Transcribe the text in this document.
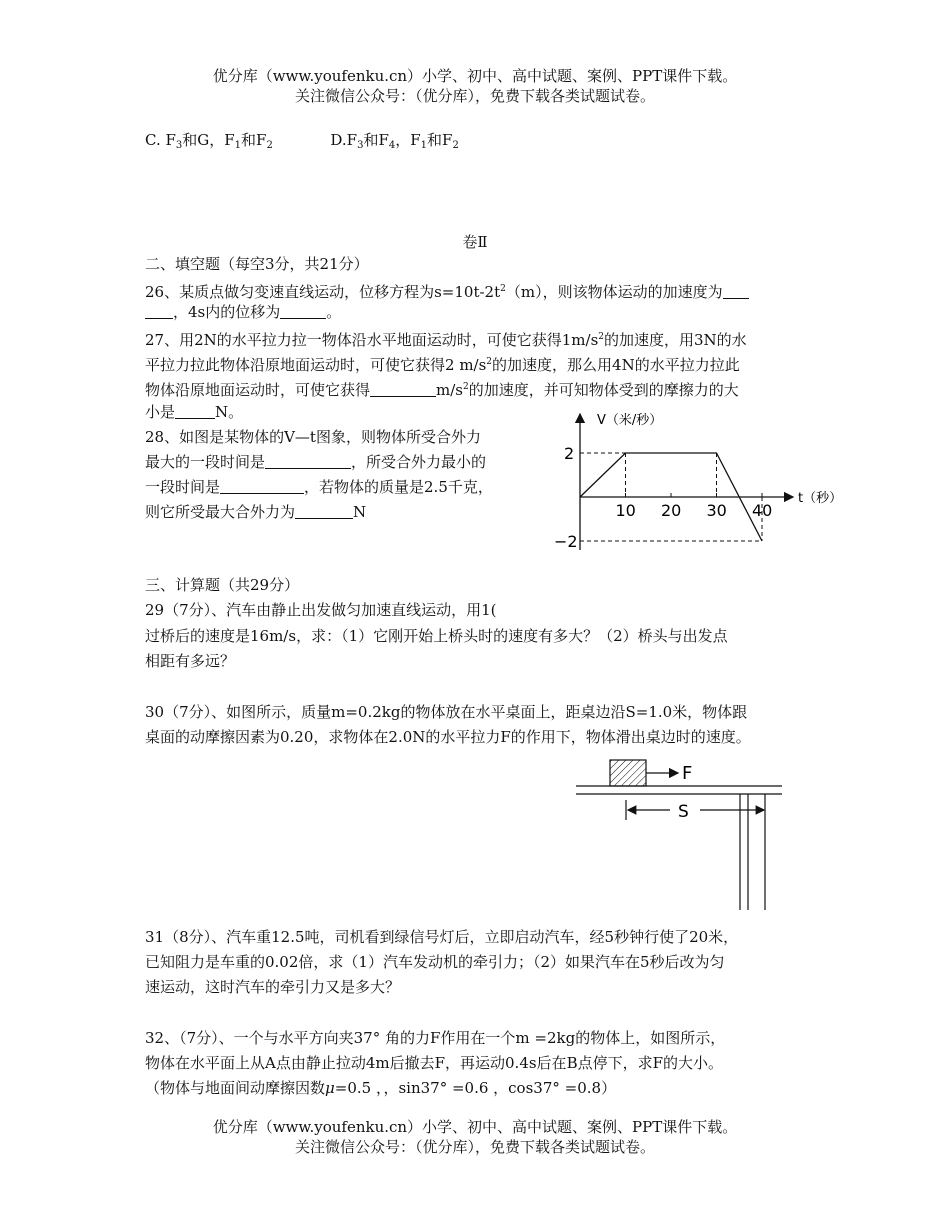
优分库（www.youfenku.cn）小学、初中、高中试题、案例、PPT课件下载。
关注微信公众号：（优分库），免费下载各类试题试卷。
C. $F_3$和G，$F_1$和$F_2$	$D.F_3$和$F_4$，$F_1$和$F_2$
卷Ⅱ
二、填空题（每空3分，共21分）
26、某质点做匀变速直线运动，位移方程为$s=10t-2t^2(m)$，则该物体运动的加速度为
，4s内的位移为	。
27、用2N的水平拉力拉一物体沿水平地面运动时，可使它获得$1m/s^2$的加速度，用3N的水
平拉力拉此物体沿原地面运动时，可使它获得2 $m/s^2$的加速度，那么用4N的水平拉力拉此
物体沿原地面运动时，可使它获得	$m/s^2$的加速度，并可知物体受到的摩擦力的大
小是	N。
28、如图是某物体的V—t图象，则物体所受合外力
最大的一段时间是	，所受合外力最小的
一段时间是	，若物体的质量是2.5千克，
则它所受最大合外力为	N
V（米/秒）
t（秒）
10 20 30 40
2
−2
三、计算题（共29分）
29（7分）、汽车由静止出发做匀加速直线运动，用1(
过桥后的速度是16m/s，求：（1）它刚开始上桥头时的速度有多大？（2）桥头与出发点
相距有多远？
30（7分）、如图所示，质量m=0.2kg的物体放在水平桌面上，距桌边沿S=1.0米，物体跟
桌面的动摩擦因素为0.20，求物体在2.0N的水平拉力F的作用下，物体滑出桌边时的速度。
F
S
31（8分）、汽车重12.5吨，司机看到绿信号灯后，立即启动汽车，经5秒钟行使了20米，
已知阻力是车重的0.02倍，求（1）汽车发动机的牵引力；（2）如果汽车在5秒后改为匀
速运动，这时汽车的牵引力又是多大？
32、（7分）、一个与水平方向夹37° 角的力F作用在一个m =2kg的物体上，如图所示，
物体在水平面上从A点由静止拉动4m后撤去F，再运动0.4s后在B点停下，求F的大小。
（物体与地面间动摩擦因数μ=0.5 ，，sin37° =0.6 ，cos37° =0.8）
优分库（www.youfenku.cn）小学、初中、高中试题、案例、PPT课件下载。
关注微信公众号：（优分库），免费下载各类试题试卷。
